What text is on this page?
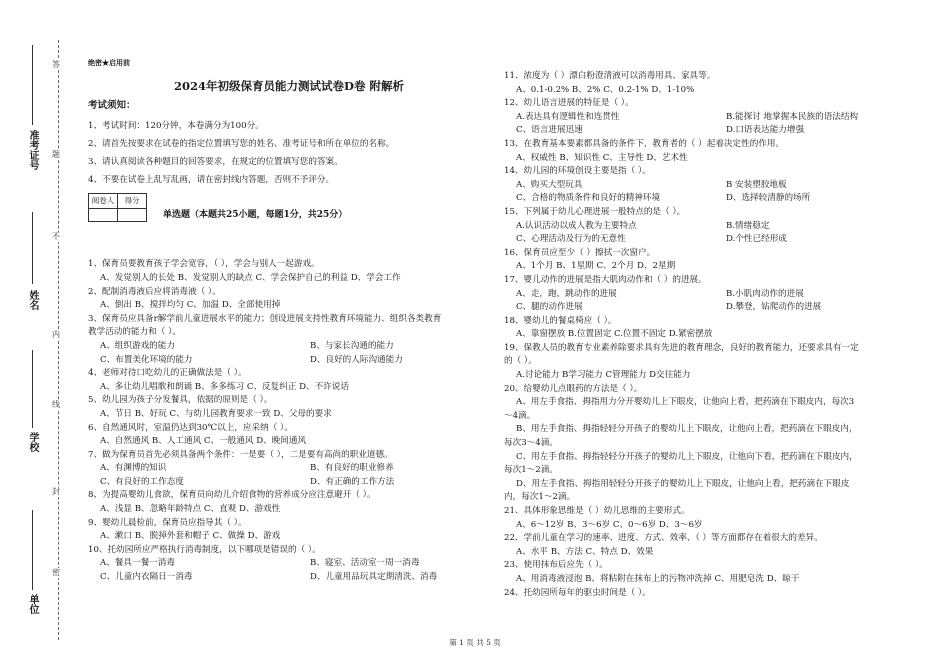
答
题
不
内
线
封
密
准考证号
姓名
学校
单位
绝密★启用前
2024年初级保育员能力测试试卷D卷 附解析
考试须知：
1、考试时间：120分钟，本卷满分为100分。
2、请首先按要求在试卷的指定位置填写您的姓名、准考证号和所在单位的名称。
3、请认真阅读各种题目的回答要求，在规定的位置填写您的答案。
4、不要在试卷上乱写乱画，请在密封线内答题，否则不予评分。
阅卷人	得分

单选题（本题共25小题，每题1分，共25分）
1、保育员要教育孩子学会宽容，（ ），学会与别人一起游戏。
A、发觉别人的长处 B、发觉别人的缺点 C、学会保护自己的利益 D、学会工作
2、配制消毒液后应将消毒液（ ）。
A、倒出 B、搅拌均匀 C、加温 D、全部使用掉
3、保育员应具备r解学前儿童进展水平的能力；创设进展支持性教育环境能力、组织各类教育
教学活动的能力和（ ）。
A、组织游戏的能力	B、与家长沟通的能力
C、布置美化环境的能力	D、良好的人际沟通能力
4、老师对待口吃幼儿的正确做法是（ ）。
A、多让幼儿唱歌和朗诵 B、多多练习 C、反复纠正 D、不许说话
5、幼儿园为孩子分发餐具，依据的原则是（ ）。
A、节日 B、好玩 C、与幼儿园教育要求一致 D、父母的要求
6、自然通风时，室温仍达到30℃以上，应采纳（ ）。
A、自然通风 B、人工通风 C、一般通风 D、晚间通风
7、做为保育员首先必须具备两个条件：一是要（ ），二是要有高尚的职业道德。
A、有渊博的知识	B、有良好的职业修养
C、有良好的工作态度	D、有正确的工作方法
8、为提高婴幼儿食欲，保育员向幼儿介绍食物的营养成分应注意避开（ ）。
A、浅显 B、忽略年龄特点 C、直观 D、游戏性
9、婴幼儿晨检前，保育员应指导其（ ）。
A、漱口 B、脱掉外套和帽子 C、做操 D、游戏
10、托幼园所应严格执行消毒制度，以下哪项是错误的（ ）。
A、餐具一餐一消毒	B、寝室、活动室一周一消毒
C、儿童内衣隔日一消毒	D、儿童用品玩具定期清洗、消毒
11、浓度为（ ）漂白粉澄清液可以消毒用具、家具等。
A、0.1-0.2% B、2% C、0.2-1% D、1-10%
12、幼儿语言进展的特征是（ ）。
A.表达具有逻辑性和连贯性	B.能探讨 地掌握本民族的语法结构
C、语言进展迅速	D.口语表达能力增强
13、在教育基本要素都具备的条件下，教育者的（ ）起着决定性的作用。
A、权威性 B、知识性 C、主导性 D、艺术性
14、幼儿园的环境创设主要是指（ ）。
A、购买大型玩具	B 安装塑胶地板
C、合格的物质条件和良好的精神环境	D、选择较清静的场所
15、下列属于幼儿心理进展一般特点的是（ ）。
A.认识活动以成人教为主要特点	B.情绪稳定
C、心理活动及行为的无意性	D.个性已经形成
16、保育员应至少（ ）擦拭一次窗户。
A、1个月 B、1星期 C、2个月 D、2星期
17、婴儿动作的进展是指大肌肉动作和（ ）的进展。
A、走，跑，跳动作的进展	B.小肌肉动作的进展
C、腿的动作进展	D.攀登，钻爬动作的进展
18、婴幼儿的餐桌椅应（ ）。
A、靠窗摆放 B.位置固定 C.位置不固定 D.紧密摆放
19、保教人员的教育专业素养除要求具有先进的教育理念，良好的教育能力，还要求具有一定
的（ ）。
A.讨论能力 B学习能力 C管理能力 D交往能力
20、给婴幼儿点眼药的方法是（ ）。
A、用左手食指、拇指用力分开婴幼儿上下眼皮，让他向上看，把药滴在下眼皮内，每次3
～4滴。
B、用左手食指、拇指轻轻分开孩子的婴幼儿上下眼皮，让他向上看，把药滴在下眼皮内，
每次3～4滴。
C、用左手食指、拇指轻轻分开孩子的婴幼儿上下眼皮，让他向下看，把药滴在下眼皮内，
每次1～2滴。
D、用左手食指、拇指用轻轻分开孩子的婴幼儿上下眼皮，让他向上看，把药滴在下眼皮
内，每次1～2滴。
21、具体形象思维是（ ）幼儿思维的主要形式。
A、6～12岁 B、3～6岁 C、0～6岁 D、3～6岁
22、学前儿童在学习的速率、进度、方式、效率、（ ）等方面都存在着很大的差异。
A、水平 B、方法 C、特点 D、效果
23、使用抹布后应先（ ）。
A、用消毒液浸泡 B、将粘附在抹布上的污物冲洗掉 C、用肥皂洗 D、晾干
24、托幼园所每年的驱虫时间是（ ）。
第 1 页 共 5 页
